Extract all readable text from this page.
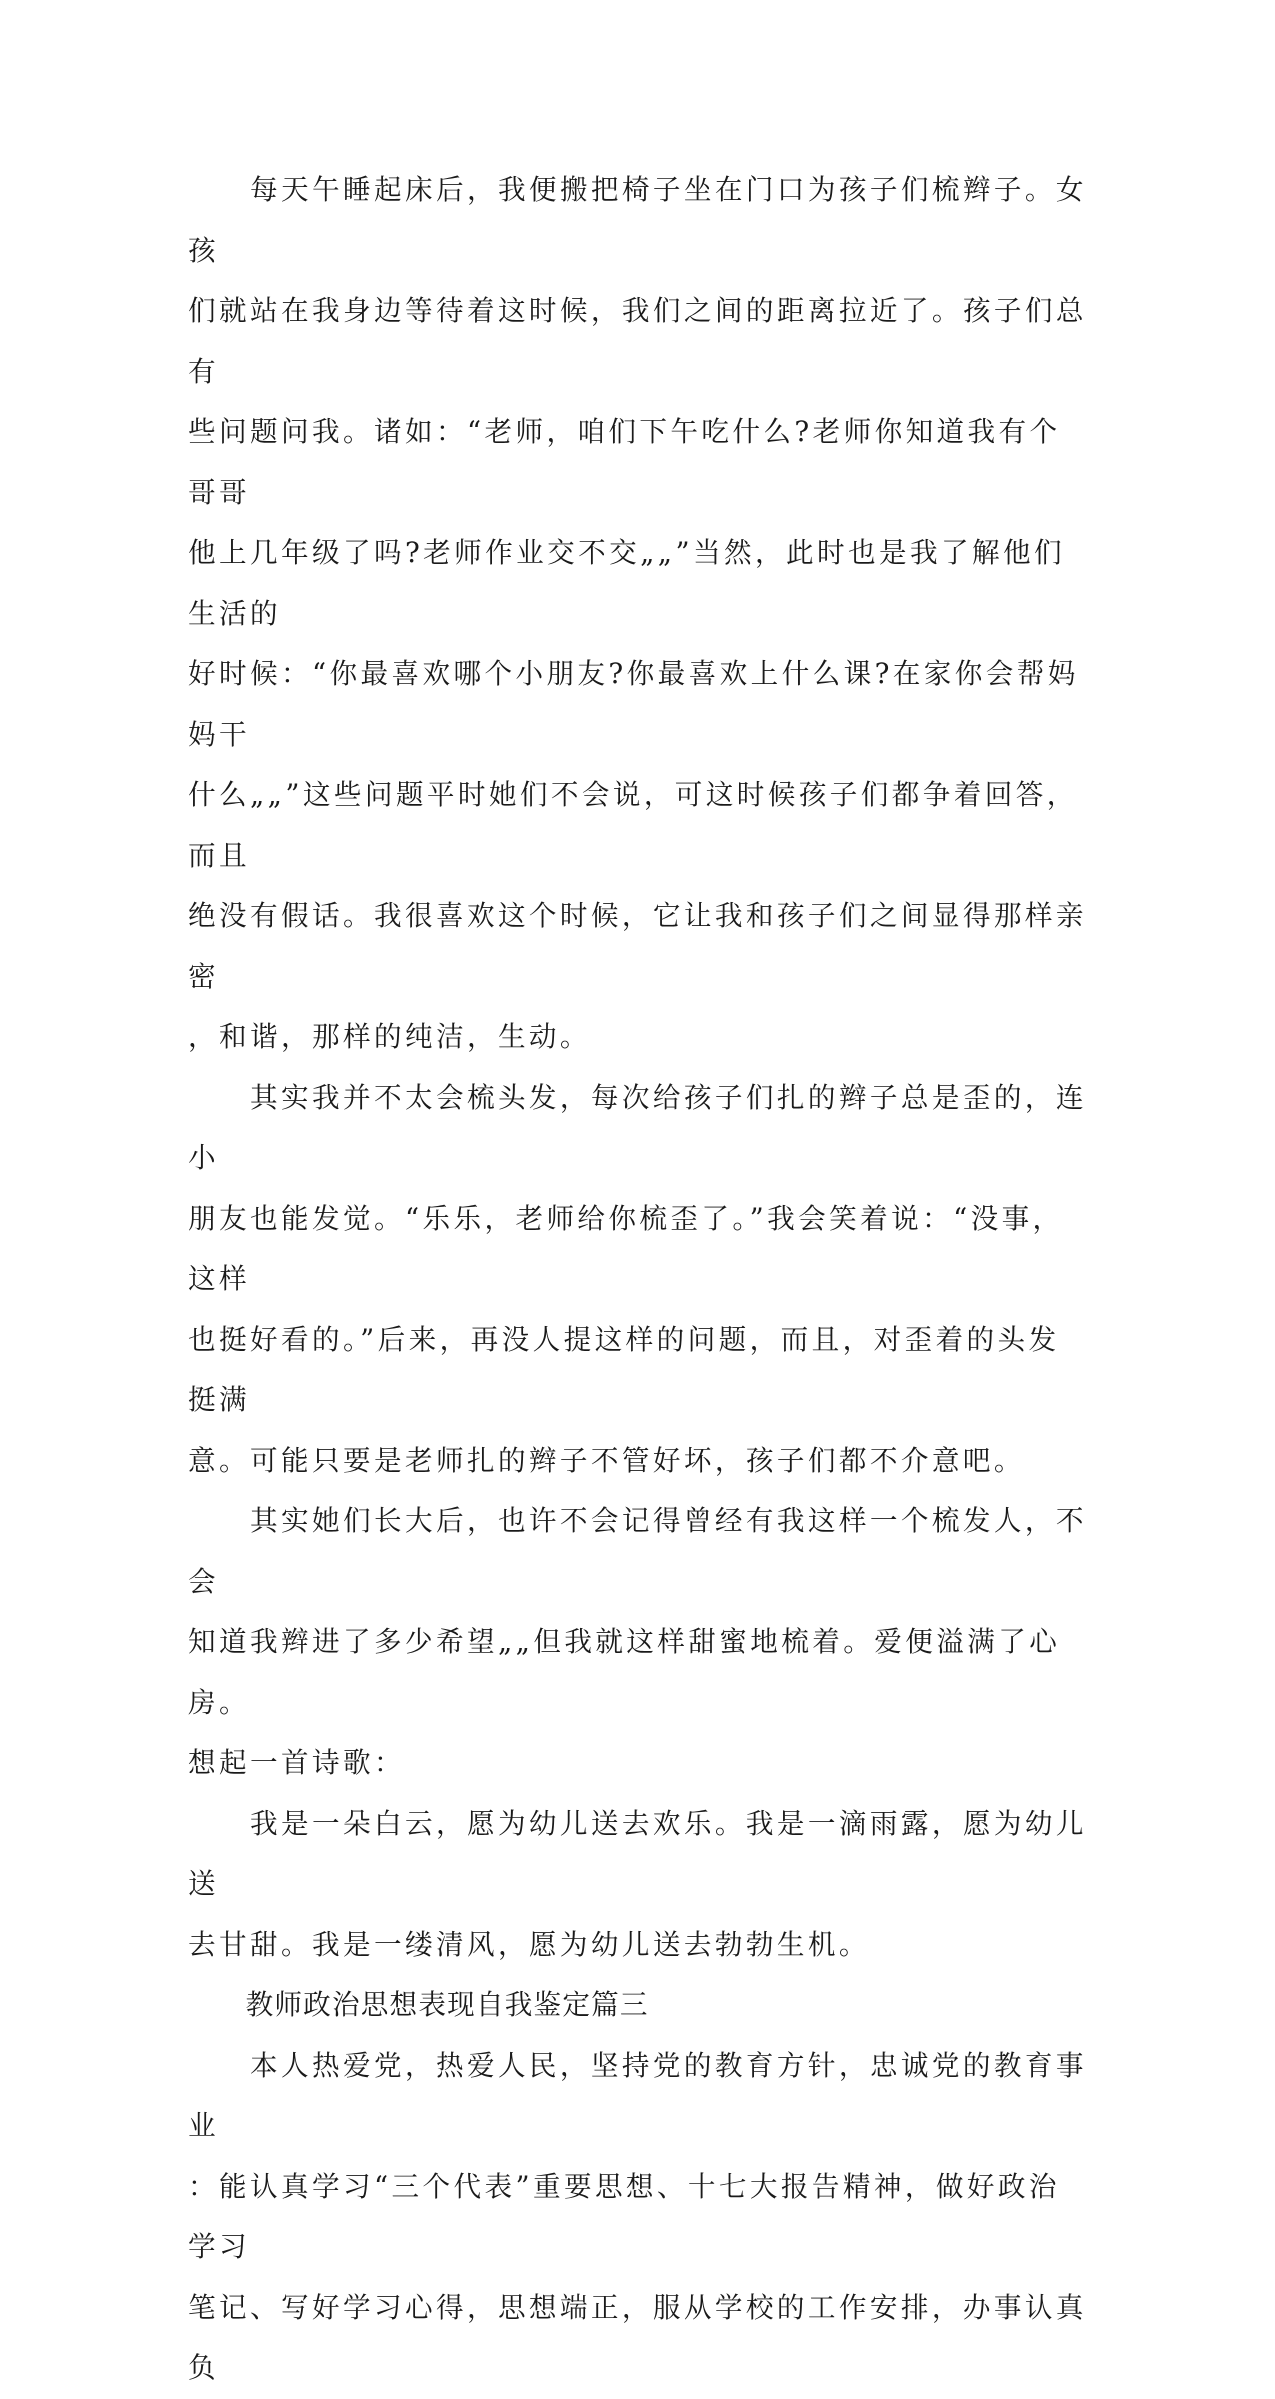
　　每天午睡起床后，我便搬把椅子坐在门口为孩子们梳辫子。女孩
们就站在我身边等待着这时候，我们之间的距离拉近了。孩子们总有
些问题问我。诸如：“老师，咱们下午吃什么?老师你知道我有个哥哥
他上几年级了吗?老师作业交不交„„”当然，此时也是我了解他们生活的
好时候：“你最喜欢哪个小朋友?你最喜欢上什么课?在家你会帮妈妈干
什么„„”这些问题平时她们不会说，可这时候孩子们都争着回答，而且
绝没有假话。我很喜欢这个时候，它让我和孩子们之间显得那样亲密
，和谐，那样的纯洁，生动。

　　其实我并不太会梳头发，每次给孩子们扎的辫子总是歪的，连小
朋友也能发觉。“乐乐，老师给你梳歪了。”我会笑着说：“没事，这样
也挺好看的。”后来，再没人提这样的问题，而且，对歪着的头发挺满
意。可能只要是老师扎的辫子不管好坏，孩子们都不介意吧。

　　其实她们长大后，也许不会记得曾经有我这样一个梳发人，不会
知道我辫进了多少希望„„但我就这样甜蜜地梳着。爱便溢满了心房。
想起一首诗歌：

　　我是一朵白云，愿为幼儿送去欢乐。我是一滴雨露，愿为幼儿送
去甘甜。我是一缕清风，愿为幼儿送去勃勃生机。

　　教师政治思想表现自我鉴定篇三

　　本人热爱党，热爱人民，坚持党的教育方针，忠诚党的教育事业
：能认真学习“三个代表”重要思想、十七大报告精神，做好政治学习
笔记、写好学习心得，思想端正，服从学校的工作安排，办事认真负
